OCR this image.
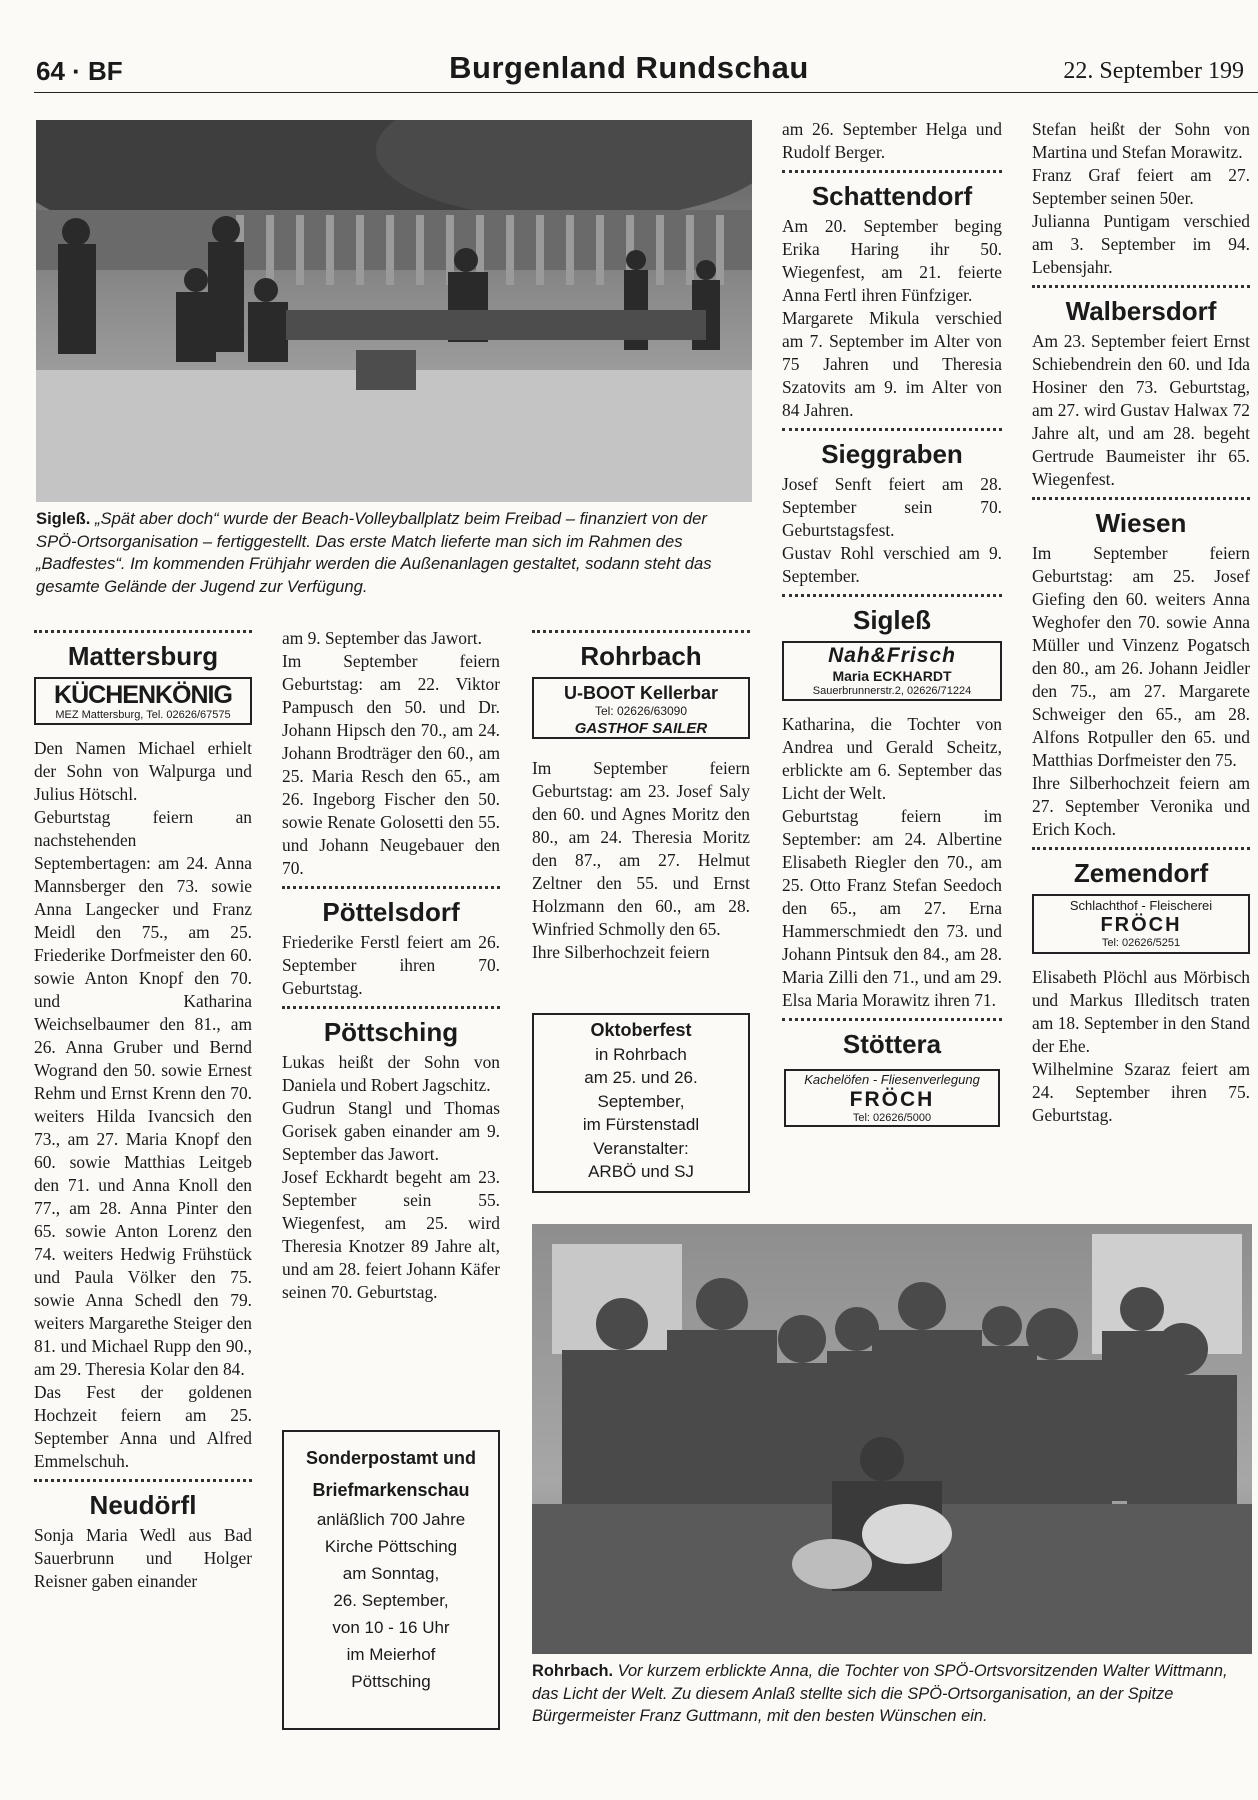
64 · BF	Burgenland Rundschau	22. September 199
Sigleß. „Spät aber doch“ wurde der Beach-Volleyballplatz beim Freibad – finanziert von der SPÖ-Ortsorganisation – fertiggestellt. Das erste Match lieferte man sich im Rahmen des „Badfestes“. Im kommenden Frühjahr werden die Außenanlagen gestaltet, sodann steht das gesamte Gelände der Jugend zur Verfügung.
Mattersburg
KÜCHENKÖNIG
MEZ Mattersburg, Tel. 02626/67575

Den Namen Michael erhielt der Sohn von Walpurga und Julius Hötschl.

Geburtstag feiern an nachstehenden Septembertagen: am 24. Anna Mannsberger den 73. sowie Anna Langecker und Franz Meidl den 75., am 25. Friederike Dorfmeister den 60. sowie Anton Knopf den 70. und Katharina Weichselbaumer den 81., am 26. Anna Gruber und Bernd Wogrand den 50. sowie Ernest Rehm und Ernst Krenn den 70. weiters Hilda Ivancsich den 73., am 27. Maria Knopf den 60. sowie Matthias Leitgeb den 71. und Anna Knoll den 77., am 28. Anna Pinter den 65. sowie Anton Lorenz den 74. weiters Hedwig Frühstück und Paula Völker den 75. sowie Anna Schedl den 79. weiters Margarethe Steiger den 81. und Michael Rupp den 90., am 29. Theresia Kolar den 84.

Das Fest der goldenen Hochzeit feiern am 25. September Anna und Alfred Emmelschuh.

Neudörfl

Sonja Maria Wedl aus Bad Sauerbrunn und Holger Reisner gaben einander

am 9. September das Jawort.

Im September feiern Geburtstag: am 22. Viktor Pampusch den 50. und Dr. Johann Hipsch den 70., am 24. Johann Brodträger den 60., am 25. Maria Resch den 65., am 26. Ingeborg Fischer den 50. sowie Renate Golosetti den 55. und Johann Neugebauer den 70.

Pöttelsdorf

Friederike Ferstl feiert am 26. September ihren 70. Geburtstag.

Pöttsching

Lukas heißt der Sohn von Daniela und Robert Jagschitz.

Gudrun Stangl und Thomas Gorisek gaben einander am 9. September das Jawort.

Josef Eckhardt begeht am 23. September sein 55. Wiegenfest, am 25. wird Theresia Knotzer 89 Jahre alt, und am 28. feiert Johann Käfer seinen 70. Geburtstag.

Sonderpostamt und
Briefmarkenschau
anläßlich 700 Jahre
Kirche Pöttsching
am Sonntag,
26. September,
von 10 - 16 Uhr
im Meierhof
Pöttsching
Rohrbach
U-BOOT Kellerbar
Tel: 02626/63090
GASTHOF SAILER

Im September feiern Geburtstag: am 23. Josef Saly den 60. und Agnes Moritz den 80., am 24. Theresia Moritz den 87., am 27. Helmut Zeltner den 55. und Ernst Holzmann den 60., am 28. Winfried Schmolly den 65.

Ihre Silberhochzeit feiern

Oktoberfest
in Rohrbach
am 25. und 26.
September,
im Fürstenstadl
Veranstalter:
ARBÖ und SJ

am 26. September Helga und Rudolf Berger.

Schattendorf

Am 20. September beging Erika Haring ihr 50. Wiegenfest, am 21. feierte Anna Fertl ihren Fünfziger.

Margarete Mikula verschied am 7. September im Alter von 75 Jahren und Theresia Szatovits am 9. im Alter von 84 Jahren.

Sieggraben

Josef Senft feiert am 28. September sein 70. Geburtstagsfest.

Gustav Rohl verschied am 9. September.

Sigleß
Nah&Frisch
Maria ECKHARDT
Sauerbrunnerstr.2, 02626/71224

Katharina, die Tochter von Andrea und Gerald Scheitz, erblickte am 6. September das Licht der Welt.

Geburtstag feiern im September: am 24. Albertine Elisabeth Riegler den 70., am 25. Otto Franz Stefan Seedoch den 65., am 27. Erna Hammerschmiedt den 73. und Johann Pintsuk den 84., am 28. Maria Zilli den 71., und am 29. Elsa Maria Morawitz ihren 71.

Stöttera
Kachelöfen - Fliesenverlegung
FRÖCH
Tel: 02626/5000

Stefan heißt der Sohn von Martina und Stefan Morawitz.

Franz Graf feiert am 27. September seinen 50er.

Julianna Puntigam verschied am 3. September im 94. Lebensjahr.

Walbersdorf

Am 23. September feiert Ernst Schiebendrein den 60. und Ida Hosiner den 73. Geburtstag, am 27. wird Gustav Halwax 72 Jahre alt, und am 28. begeht Gertrude Baumeister ihr 65. Wiegenfest.

Wiesen

Im September feiern Geburtstag: am 25. Josef Giefing den 60. weiters Anna Weghofer den 70. sowie Anna Müller und Vinzenz Pogatsch den 80., am 26. Johann Jeidler den 75., am 27. Margarete Schweiger den 65., am 28. Alfons Rotpuller den 65. und Matthias Dorfmeister den 75.

Ihre Silberhochzeit feiern am 27. September Veronika und Erich Koch.

Zemendorf
Schlachthof - Fleischerei
FRÖCH
Tel: 02626/5251

Elisabeth Plöchl aus Mörbisch und Markus Illeditsch traten am 18. September in den Stand der Ehe.

Wilhelmine Szaraz feiert am 24. September ihren 75. Geburtstag.

Rohrbach. Vor kurzem erblickte Anna, die Tochter von SPÖ-Ortsvorsitzenden Walter Wittmann, das Licht der Welt. Zu diesem Anlaß stellte sich die SPÖ-Ortsorganisation, an der Spitze Bürgermeister Franz Guttmann, mit den besten Wünschen ein.
